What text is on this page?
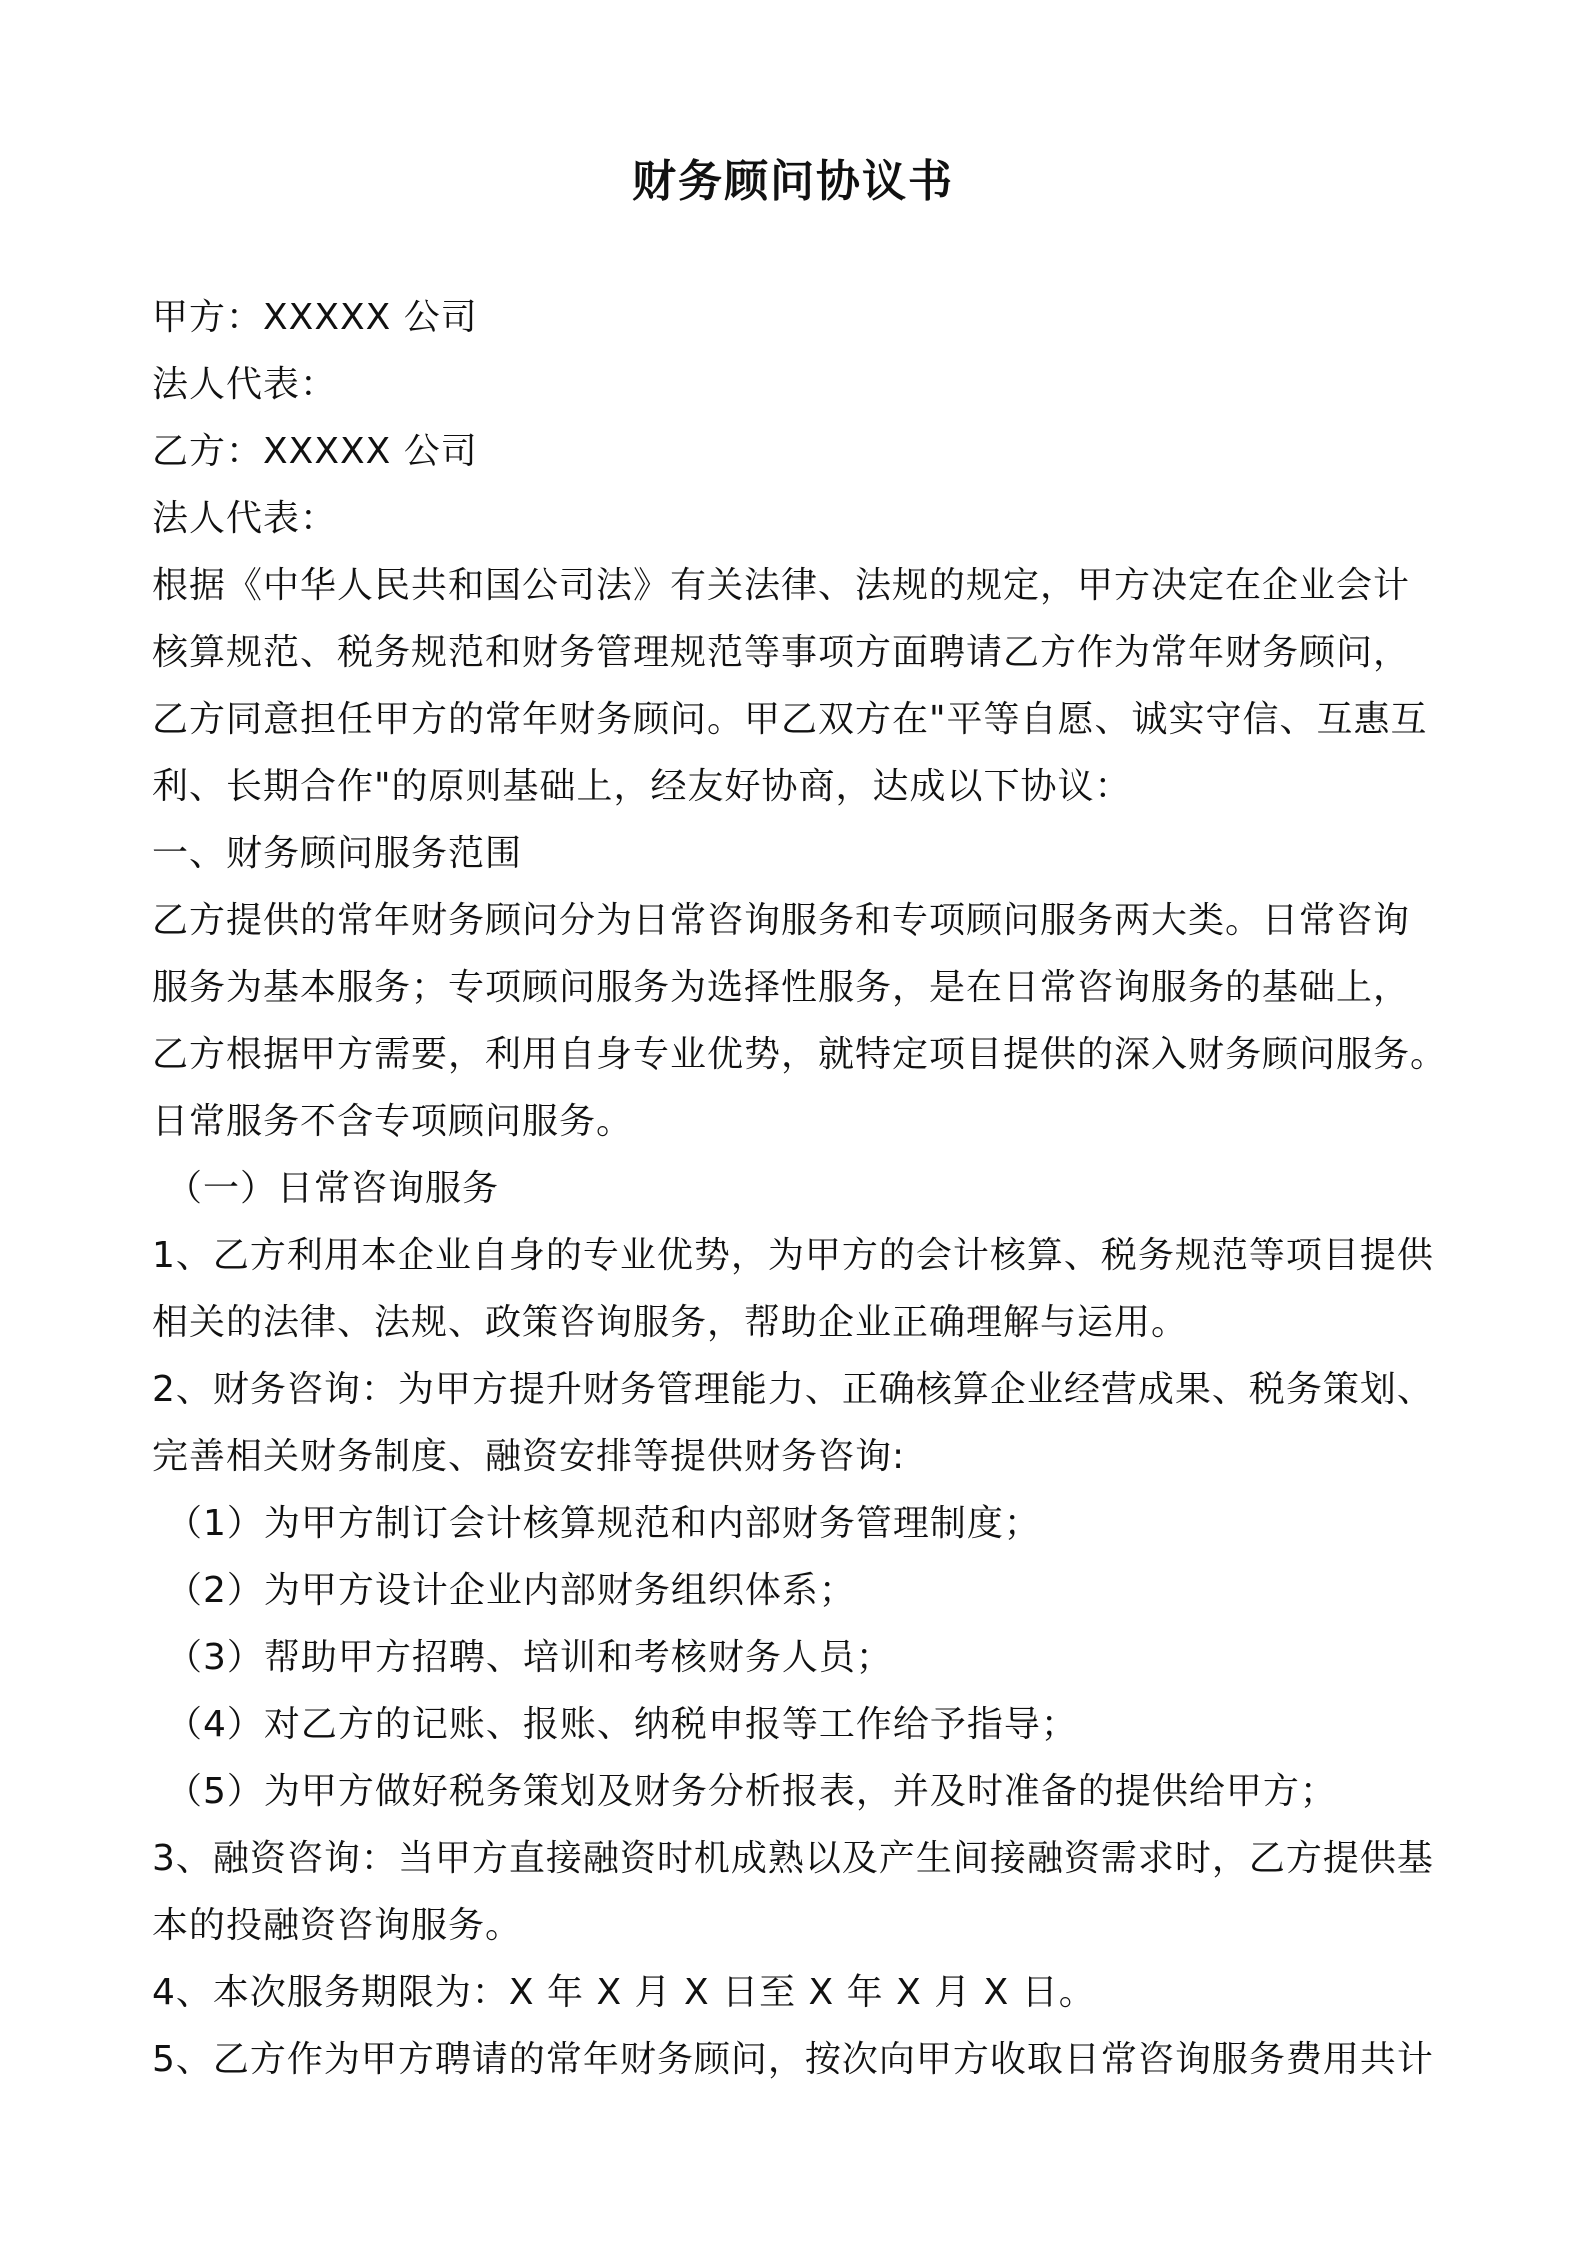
财务顾问协议书
甲方：XXXXX 公司
法人代表：
乙方：XXXXX 公司
法人代表：
根据《中华人民共和国公司法》有关法律、法规的规定，甲方决定在企业会计
核算规范、税务规范和财务管理规范等事项方面聘请乙方作为常年财务顾问，
乙方同意担任甲方的常年财务顾问。甲乙双方在"平等自愿、诚实守信、互惠互
利、长期合作"的原则基础上，经友好协商，达成以下协议：
一、财务顾问服务范围
乙方提供的常年财务顾问分为日常咨询服务和专项顾问服务两大类。日常咨询
服务为基本服务；专项顾问服务为选择性服务，是在日常咨询服务的基础上，
乙方根据甲方需要，利用自身专业优势，就特定项目提供的深入财务顾问服务。
日常服务不含专项顾问服务。
（一）日常咨询服务
1、乙方利用本企业自身的专业优势，为甲方的会计核算、税务规范等项目提供
相关的法律、法规、政策咨询服务，帮助企业正确理解与运用。
2、财务咨询：为甲方提升财务管理能力、正确核算企业经营成果、税务策划、
完善相关财务制度、融资安排等提供财务咨询:
（1）为甲方制订会计核算规范和内部财务管理制度；
（2）为甲方设计企业内部财务组织体系；
（3）帮助甲方招聘、培训和考核财务人员；
（4）对乙方的记账、报账、纳税申报等工作给予指导；
（5）为甲方做好税务策划及财务分析报表，并及时准备的提供给甲方；
3、融资咨询：当甲方直接融资时机成熟以及产生间接融资需求时，乙方提供基
本的投融资咨询服务。
4、本次服务期限为：X 年 X 月 X 日至 X 年 X 月 X 日。
5、乙方作为甲方聘请的常年财务顾问，按次向甲方收取日常咨询服务费用共计
